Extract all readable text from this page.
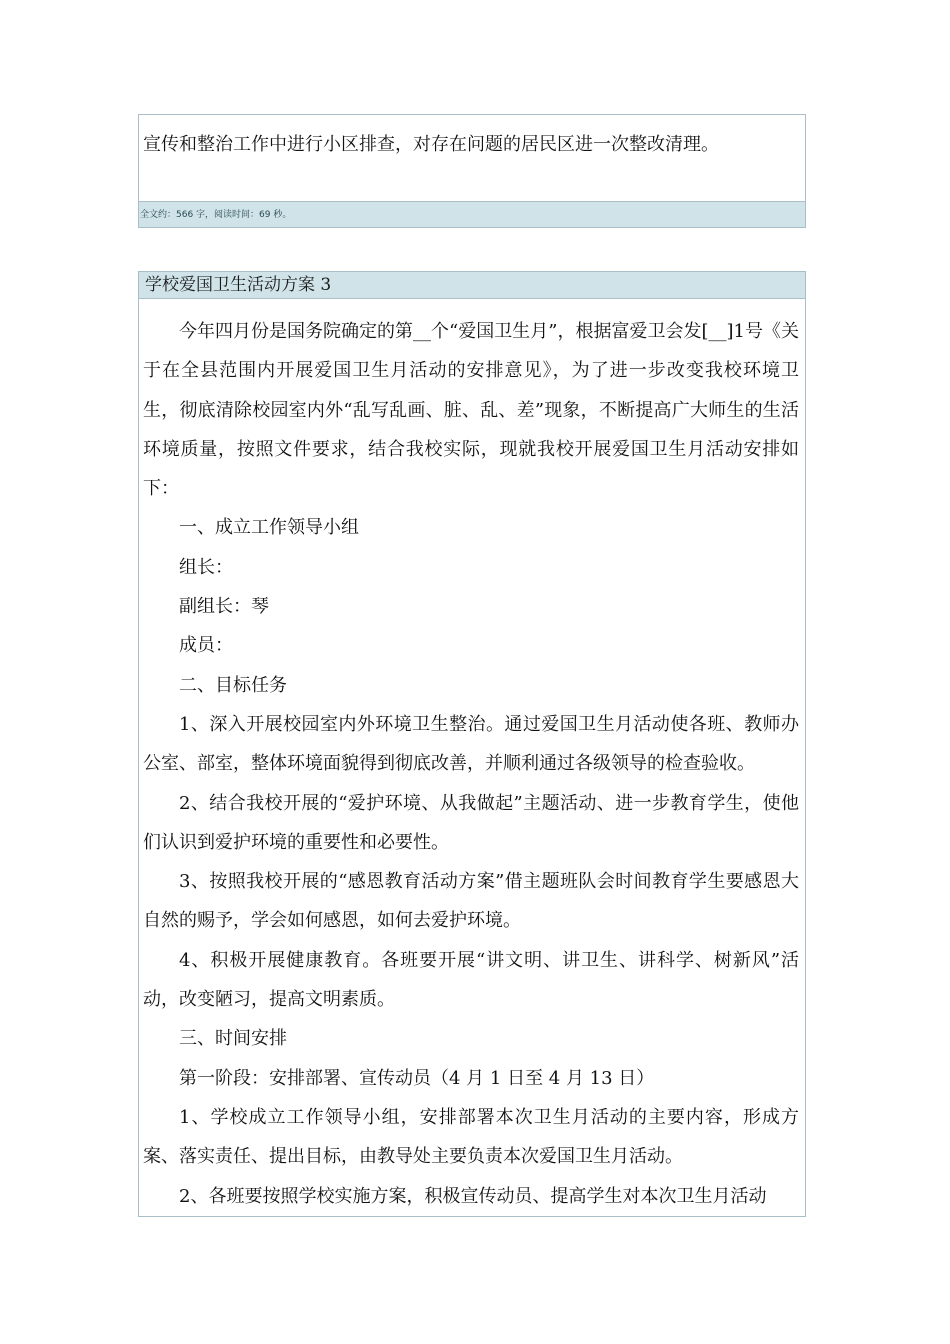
宣传和整治工作中进行小区排查，对存在问题的居民区进一次整改清理。
全文约：566 字，阅读时间：69 秒。
学校爱国卫生活动方案 3

今年四月份是国务院确定的第__个“爱国卫生月”，根据富爱卫会发[__]1号《关于在全县范围内开展爱国卫生月活动的安排意见》，为了进一步改变我校环境卫生，彻底清除校园室内外“乱写乱画、脏、乱、差”现象，不断提高广大师生的生活环境质量，按照文件要求，结合我校实际，现就我校开展爱国卫生月活动安排如下：

一、成立工作领导小组

组长：

副组长：琴

成员：

二、目标任务

1、深入开展校园室内外环境卫生整治。通过爱国卫生月活动使各班、教师办公室、部室，整体环境面貌得到彻底改善，并顺利通过各级领导的检查验收。

2、结合我校开展的“爱护环境、从我做起”主题活动、进一步教育学生，使他们认识到爱护环境的重要性和必要性。

3、按照我校开展的“感恩教育活动方案”借主题班队会时间教育学生要感恩大自然的赐予，学会如何感恩，如何去爱护环境。

4、积极开展健康教育。各班要开展“讲文明、讲卫生、讲科学、树新风”活动，改变陋习，提高文明素质。

三、时间安排

第一阶段：安排部署、宣传动员（4 月 1 日至 4 月 13 日）

1、学校成立工作领导小组，安排部署本次卫生月活动的主要内容，形成方案、落实责任、提出目标，由教导处主要负责本次爱国卫生月活动。

2、各班要按照学校实施方案，积极宣传动员、提高学生对本次卫生月活动
